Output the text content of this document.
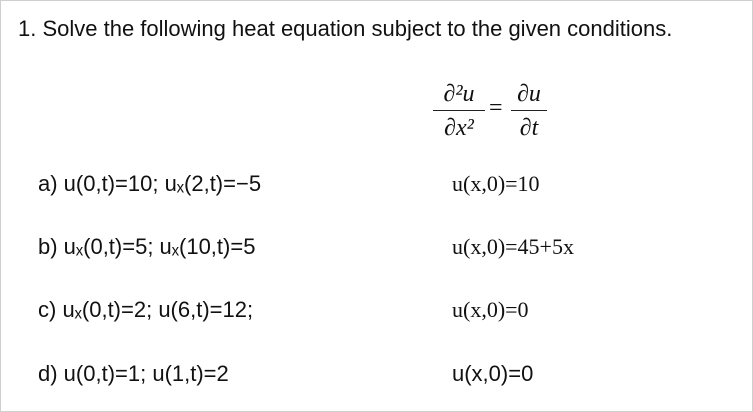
1. Solve the following heat equation subject to the given conditions.
∂²u
∂x²
=
∂u
∂t
a) u(0,t)=10; uₓ(2,t)=−5	u(x,0)=10
b) uₓ(0,t)=5; uₓ(10,t)=5	u(x,0)=45+5x
c) uₓ(0,t)=2; u(6,t)=12;	u(x,0)=0
d) u(0,t)=1; u(1,t)=2	u(x,0)=0
